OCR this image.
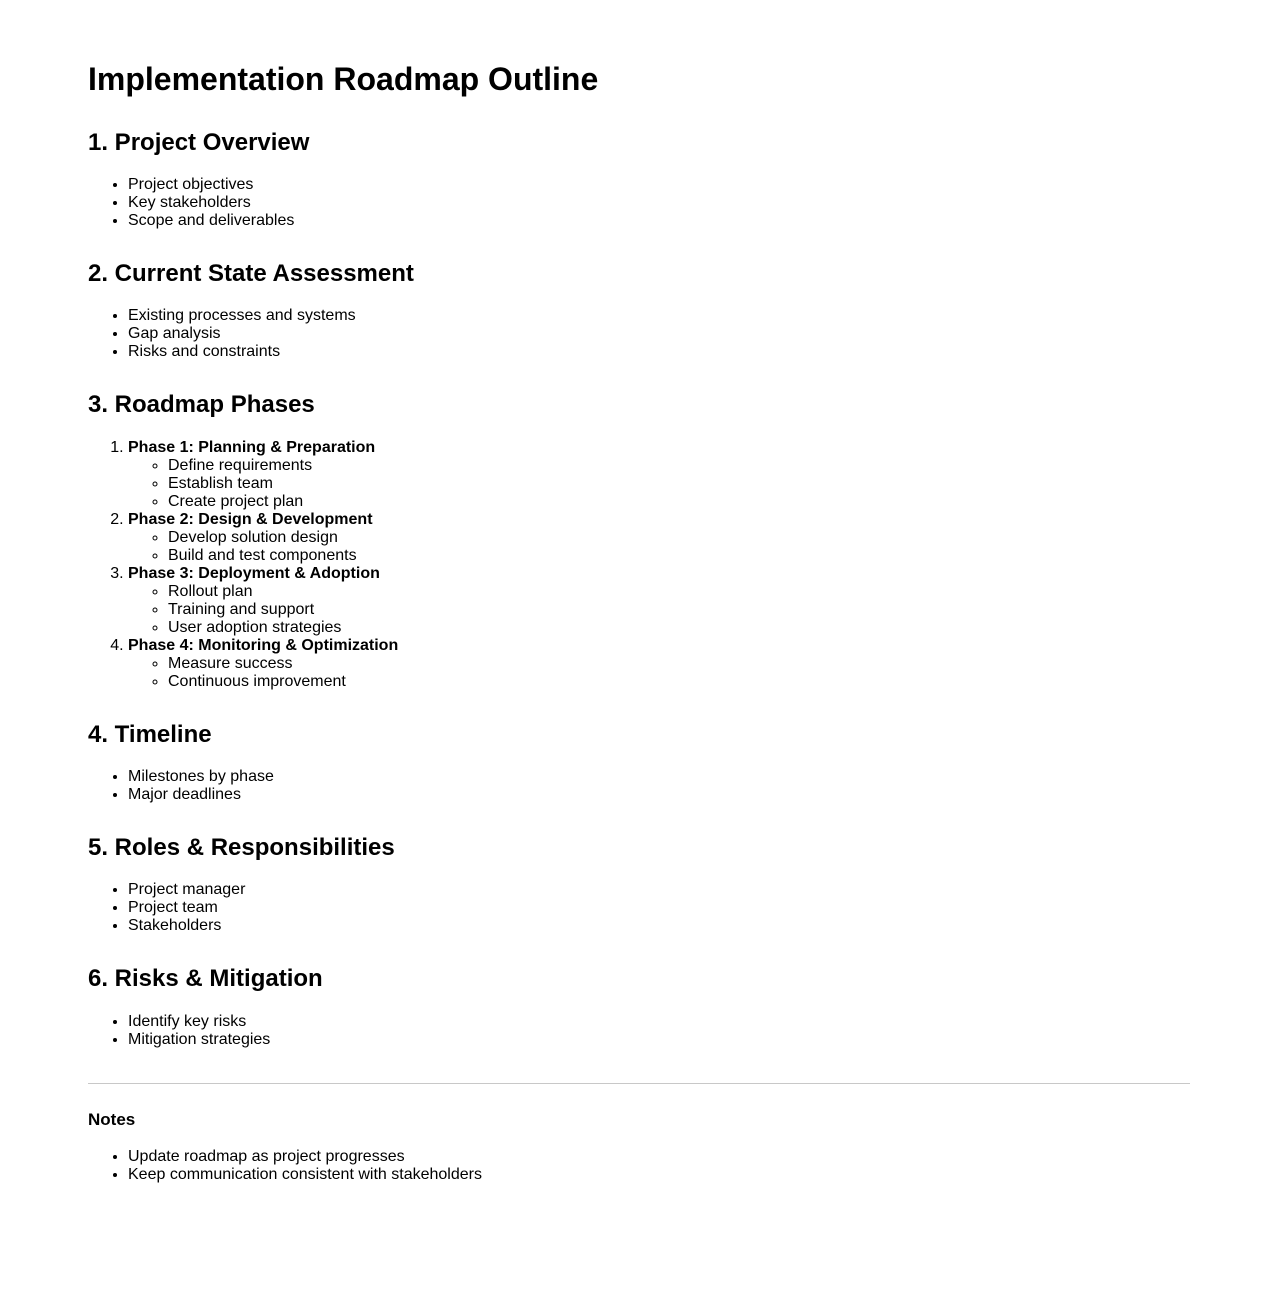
Implementation Roadmap Outline
1. Project Overview
• Project objectives
• Key stakeholders
• Scope and deliverables
2. Current State Assessment
• Existing processes and systems
• Gap analysis
• Risks and constraints
3. Roadmap Phases
1. Phase 1: Planning & Preparation
◦ Define requirements
◦ Establish team
◦ Create project plan
2. Phase 2: Design & Development
◦ Develop solution design
◦ Build and test components
3. Phase 3: Deployment & Adoption
◦ Rollout plan
◦ Training and support
◦ User adoption strategies
4. Phase 4: Monitoring & Optimization
◦ Measure success
◦ Continuous improvement
4. Timeline
• Milestones by phase
• Major deadlines
5. Roles & Responsibilities
• Project manager
• Project team
• Stakeholders
6. Risks & Mitigation
• Identify key risks
• Mitigation strategies
Notes
• Update roadmap as project progresses
• Keep communication consistent with stakeholders
